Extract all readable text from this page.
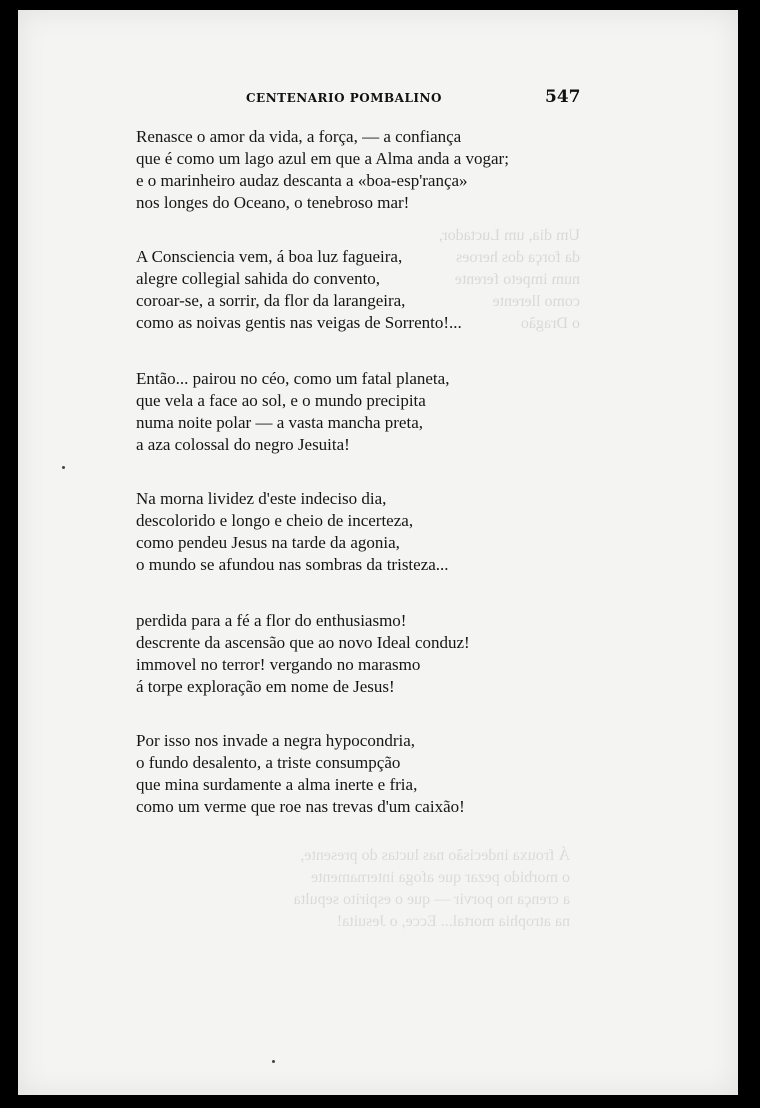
Um dia, um Luctador,
da força dos heroes
num impeto ferente
como llerente
o Dragão
Á frouxa indecisão nas luctas do presente,
o morbido pezar que afoga internamente
a crença no porvir — que o espirito sepulta
na atrophia mortal... Ecce, o Jesuita!
CENTENARIO POMBALINO	547
Renasce o amor da vida, a força, — a confiança
que é como um lago azul em que a Alma anda a vogar;
e o marinheiro audaz descanta a «boa-esp'rança»
nos longes do Oceano, o tenebroso mar!
A Consciencia vem, á boa luz fagueira,
alegre collegial sahida do convento,
coroar-se, a sorrir, da flor da larangeira,
como as noivas gentis nas veigas de Sorrento!...
Então... pairou no céo, como um fatal planeta,
que vela a face ao sol, e o mundo precipita
numa noite polar — a vasta mancha preta,
a aza colossal do negro Jesuita!
Na morna lividez d'este indeciso dia,
descolorido e longo e cheio de incerteza,
como pendeu Jesus na tarde da agonia,
o mundo se afundou nas sombras da tristeza...
perdida para a fé a flor do enthusiasmo!
descrente da ascensão que ao novo Ideal conduz!
immovel no terror! vergando no marasmo
á torpe exploração em nome de Jesus!
Por isso nos invade a negra hypocondria,
o fundo desalento, a triste consumpção
que mina surdamente a alma inerte e fria,
como um verme que roe nas trevas d'um caixão!
